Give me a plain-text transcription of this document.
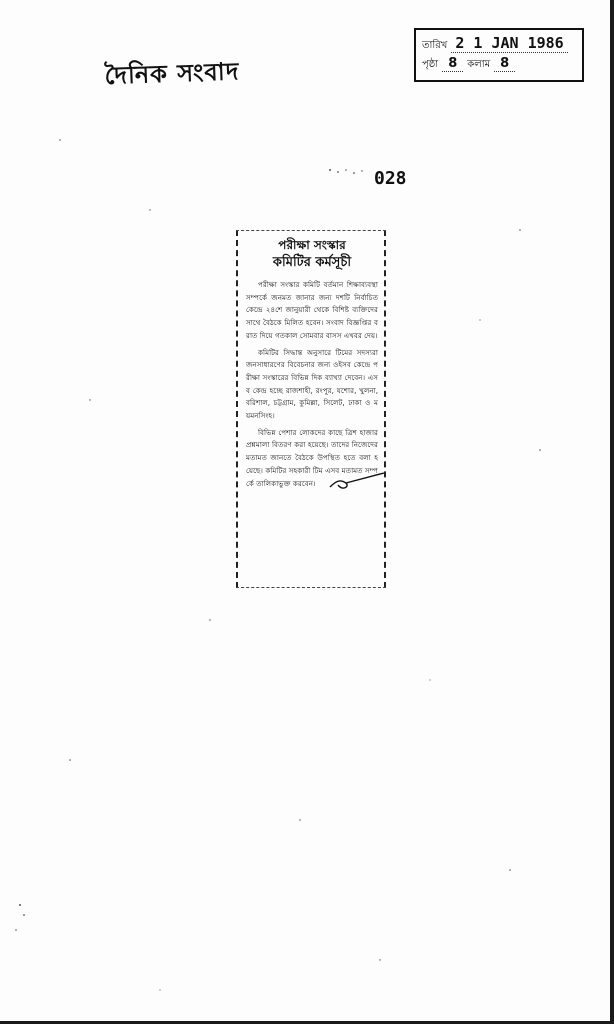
দৈনিক সংবাদ
তারিখ 2 1 JAN 1986
পৃষ্ঠা 8	কলাম 8
028
পরীক্ষা সংস্কার
কমিটির কর্মসূচী

পরীক্ষা সংস্কার কমিটি বর্তমান শিক্ষাব্যবস্থা সম্পর্কে জনমত জানার জন্য দশটি নির্বাচিত কেন্দ্রে ২৪শে জানুয়ারী থেকে বিশিষ্ট ব্যক্তিদের সাথে বৈঠকে মিলিত হবেন। সংবাদ বিজ্ঞপ্তির বরাত দিয়ে গতকাল সোমবার বাসস এখবর দেয়।

কমিটির সিদ্ধান্ত অনুসারে টিমের সদস্যরা জনসাধারণের বিবেচনার জন্য ওইসব কেন্দ্রে পরীক্ষা সংস্কারের বিভিন্ন দিক ব্যাখ্যা দেবেন। এসব কেন্দ্র হচ্ছে রাজশাহী, রংপুর, যশোর, খুলনা, বরিশাল, চট্টগ্রাম, কুমিল্লা, সিলেট, ঢাকা ও ময়মনসিংহ।

বিভিন্ন পেশার লোকদের কাছে ত্রিশ হাজার প্রশ্নমালা বিতরণ করা হয়েছে। তাদের নিজেদের মতামত জানতে বৈঠকে উপস্থিত হতে বলা হয়েছে। কমিটির সহকারী টিম এসব মতামত সম্পর্কে তালিকাভুক্ত করবেন।
